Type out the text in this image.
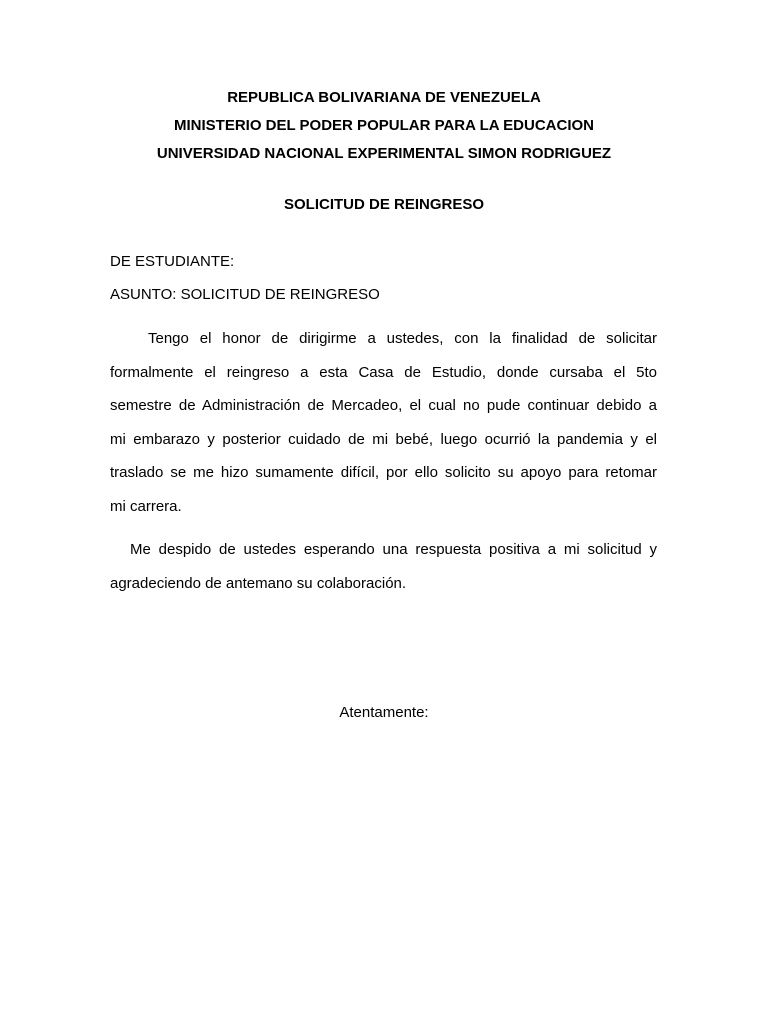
REPUBLICA BOLIVARIANA DE VENEZUELA

MINISTERIO DEL PODER POPULAR PARA LA EDUCACION

UNIVERSIDAD NACIONAL EXPERIMENTAL SIMON RODRIGUEZ

SOLICITUD DE REINGRESO
DE ESTUDIANTE:
ASUNTO: SOLICITUD DE REINGRESO
Tengo el honor de dirigirme a ustedes, con la finalidad de solicitar
formalmente el reingreso a esta Casa de Estudio, donde cursaba el 5to
semestre de Administración de Mercadeo, el cual no pude continuar debido a
mi embarazo y posterior cuidado de mi bebé, luego ocurrió la pandemia y el
traslado se me hizo sumamente difícil, por ello solicito su apoyo para retomar
mi carrera.
Me despido de ustedes esperando una respuesta positiva a mi solicitud y
agradeciendo de antemano su colaboración.
Atentamente:
